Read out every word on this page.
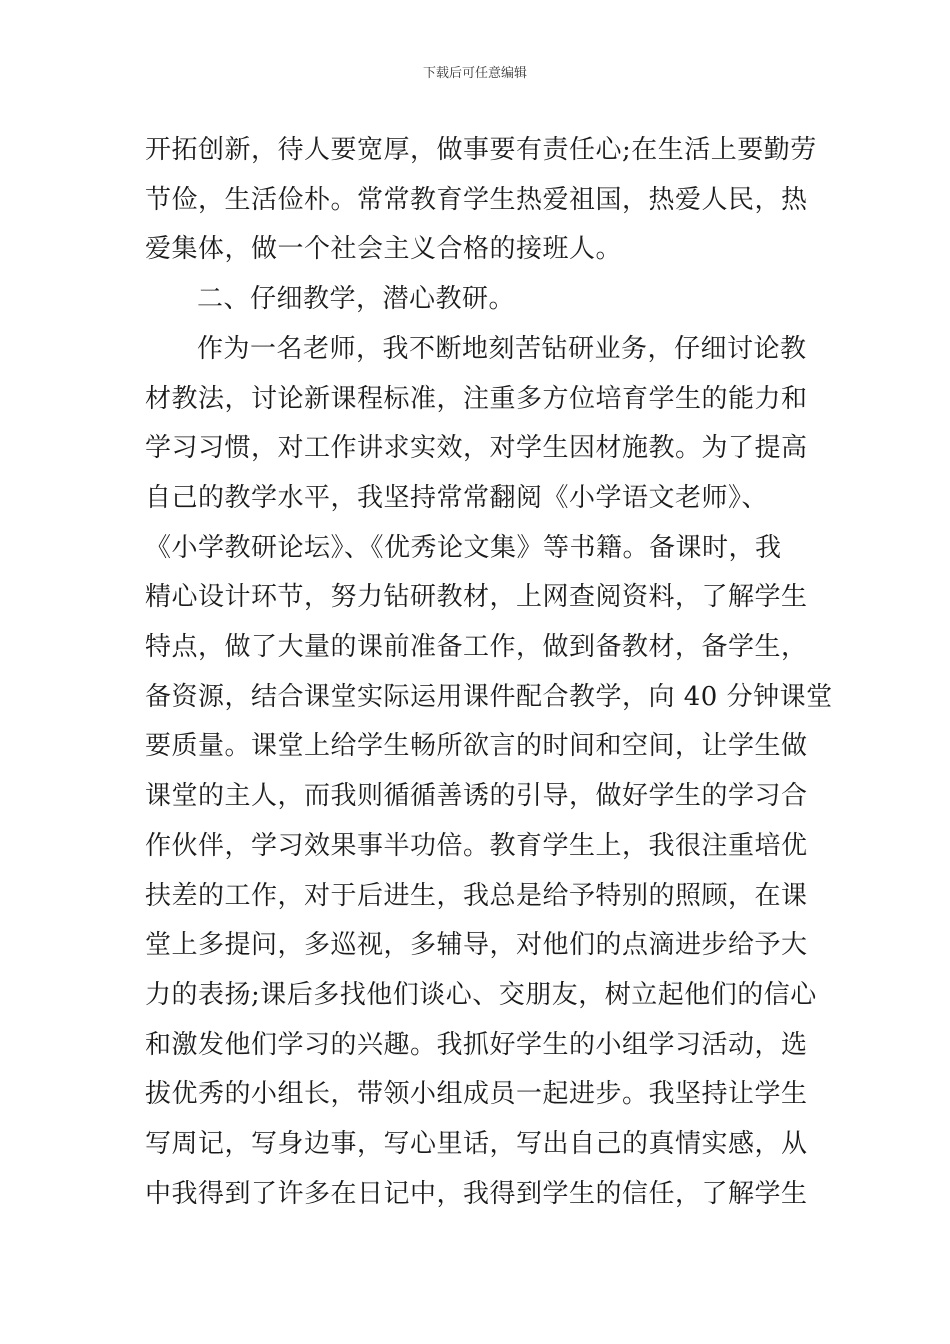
下载后可任意编辑
开拓创新，待人要宽厚，做事要有责任心;在生活上要勤劳
节俭，生活俭朴。常常教育学生热爱祖国，热爱人民，热
爱集体，做一个社会主义合格的接班人。
二、仔细教学，潜心教研。
作为一名老师，我不断地刻苦钻研业务，仔细讨论教
材教法，讨论新课程标准，注重多方位培育学生的能力和
学习习惯，对工作讲求实效，对学生因材施教。为了提高
自己的教学水平，我坚持常常翻阅《小学语文老师》、
《小学教研论坛》、《优秀论文集》等书籍。备课时，我
精心设计环节，努力钻研教材，上网查阅资料，了解学生
特点，做了大量的课前准备工作，做到备教材，备学生，
备资源，结合课堂实际运用课件配合教学，向 40 分钟课堂
要质量。课堂上给学生畅所欲言的时间和空间，让学生做
课堂的主人，而我则循循善诱的引导，做好学生的学习合
作伙伴，学习效果事半功倍。教育学生上，我很注重培优
扶差的工作，对于后进生，我总是给予特别的照顾，在课
堂上多提问，多巡视，多辅导，对他们的点滴进步给予大
力的表扬;课后多找他们谈心、交朋友，树立起他们的信心
和激发他们学习的兴趣。我抓好学生的小组学习活动，选
拔优秀的小组长，带领小组成员一起进步。我坚持让学生
写周记，写身边事，写心里话，写出自己的真情实感，从
中我得到了许多在日记中，我得到学生的信任，了解学生
